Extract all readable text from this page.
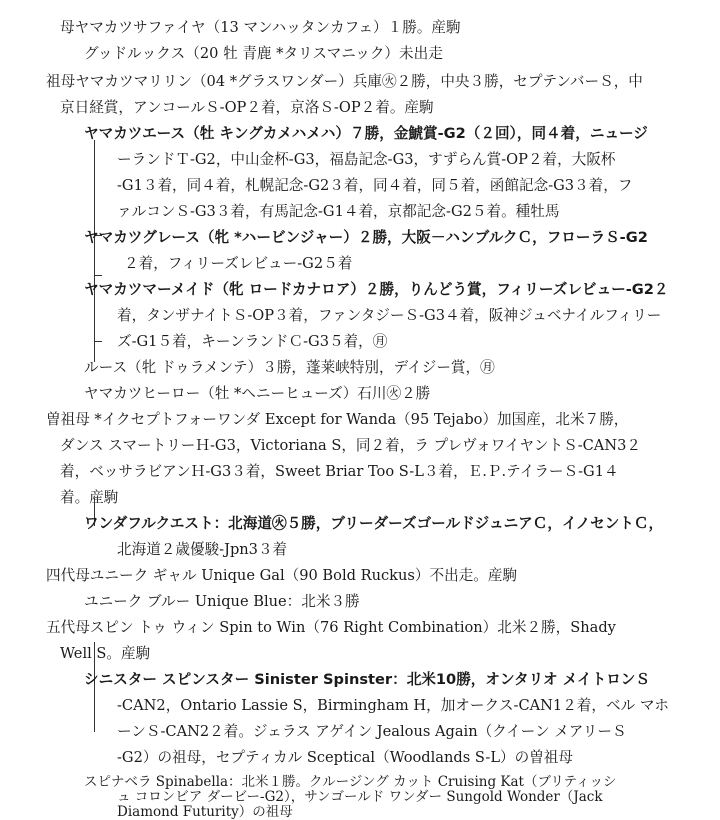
母ヤマカツサファイヤ（13 マンハッタンカフェ）１勝。産駒
グッドルックス（20 牡 青鹿 *タリスマニック）未出走
祖母ヤマカツマリリン（04 *グラスワンダー）兵庫㊋２勝，中央３勝，セプテンバーＳ，中
京日経賞，アンコールＳ-OP２着，京洛Ｓ-OP２着。産駒
ヤマカツエース（牡 キングカメハメハ）７勝，金鯱賞-G2（２回），同４着，ニュージ
ーランドＴ-G2，中山金杯-G3，福島記念-G3，すずらん賞-OP２着，大阪杯
-G1３着，同４着，札幌記念-G2３着，同４着，同５着，函館記念-G3３着，フ
ァルコンＳ-G3３着，有馬記念-G1４着，京都記念-G2５着。種牡馬
ヤマカツグレース（牝 *ハービンジャー）２勝，大阪－ハンブルクＣ，フローラＳ-G2
２着，フィリーズレビュー-G2５着
ヤマカツマーメイド（牝 ロードカナロア）２勝，りんどう賞，フィリーズレビュー-G2２
着，タンザナイトＳ-OP３着，ファンタジーＳ-G3４着，阪神ジュベナイルフィリー
ズ-G1５着，キーンランドＣ-G3５着，㊊
ルース（牝 ドゥラメンテ）３勝，蓬莱峡特別，デイジー賞，㊊
ヤマカツヒーロー（牡 *ヘニーヒューズ）石川㊋２勝
曽祖母 *イクセプトフォーワンダ Except for Wanda（95 Tejabo）加国産，北米７勝，
ダンス スマートリーＨ-G3，Victoriana S，同２着，ラ プレヴォワイヤントＳ-CAN3２
着，ベッサラビアンＨ-G3３着，Sweet Briar Too S-L３着，Ｅ.Ｐ.テイラーＳ-G1４
着。産駒
ワンダフルクエスト：北海道㊋５勝，ブリーダーズゴールドジュニアＣ，イノセントＣ，
北海道２歳優駿-Jpn3３着
四代母ユニーク ギャル Unique Gal（90 Bold Ruckus）不出走。産駒
ユニーク ブルー Unique Blue：北米３勝
五代母スピン トゥ ウィン Spin to Win（76 Right Combination）北米２勝，Shady
Well S。産駒
シニスター スピンスター Sinister Spinster：北米10勝，オンタリオ メイトロンＳ
-CAN2，Ontario Lassie S，Birmingham H，加オークス-CAN1２着，ベル マホ
ーンＳ-CAN2２着。ジェラス アゲイン Jealous Again（クイーン メアリーＳ
-G2）の祖母，セプティカル Sceptical（Woodlands S-L）の曽祖母
スピナベラ Spinabella：北米１勝。クルージング カット Cruising Kat（ブリティッシ
ュ コロンビア ダービー-G2），サンゴールド ワンダー Sungold Wonder（Jack
Diamond Futurity）の祖母
